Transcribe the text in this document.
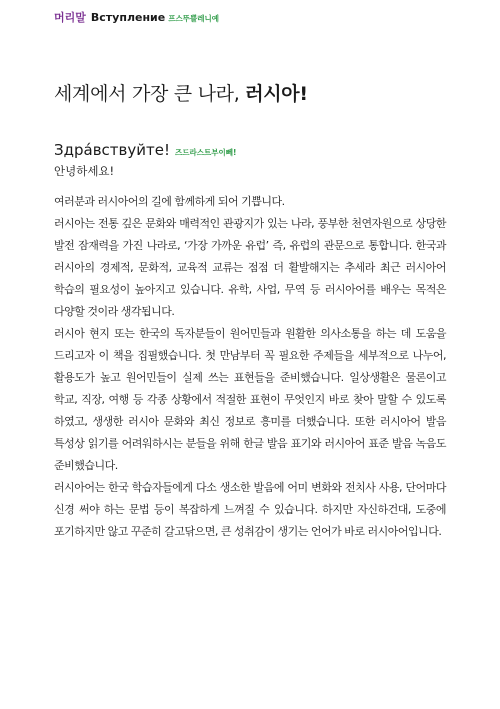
머리말 Вступление 프스뚜쁠레니예
세계에서 가장 큰 나라, 러시아!
Здра́вствуйте! 즈드라스트부이뻬!
안녕하세요!

여러분과 러시아어의 길에 함께하게 되어 기쁩니다.

러시아는 전통 깊은 문화와 매력적인 관광지가 있는 나라, 풍부한 천연자원으로 상당한 발전 잠재력을 가진 나라로, ‘가장 가까운 유럽’ 즉, 유럽의 관문으로 통합니다. 한국과 러시아의 경제적, 문화적, 교육적 교류는 점점 더 활발해지는 추세라 최근 러시아어 학습의 필요성이 높아지고 있습니다. 유학, 사업, 무역 등 러시아어를 배우는 목적은 다양할 것이라 생각됩니다.

러시아 현지 또는 한국의 독자분들이 원어민들과 원활한 의사소통을 하는 데 도움을 드리고자 이 책을 집필했습니다. 첫 만남부터 꼭 필요한 주제들을 세부적으로 나누어, 활용도가 높고 원어민들이 실제 쓰는 표현들을 준비했습니다. 일상생활은 물론이고 학교, 직장, 여행 등 각종 상황에서 적절한 표현이 무엇인지 바로 찾아 말할 수 있도록 하였고, 생생한 러시아 문화와 최신 정보로 흥미를 더했습니다. 또한 러시아어 발음 특성상 읽기를 어려워하시는 분들을 위해 한글 발음 표기와 러시아어 표준 발음 녹음도 준비했습니다.

러시아어는 한국 학습자들에게 다소 생소한 발음에 어미 변화와 전치사 사용, 단어마다 신경 써야 하는 문법 등이 복잡하게 느껴질 수 있습니다. 하지만 자신하건대, 도중에 포기하지만 않고 꾸준히 갈고닦으면, 큰 성취감이 생기는 언어가 바로 러시아어입니다.
